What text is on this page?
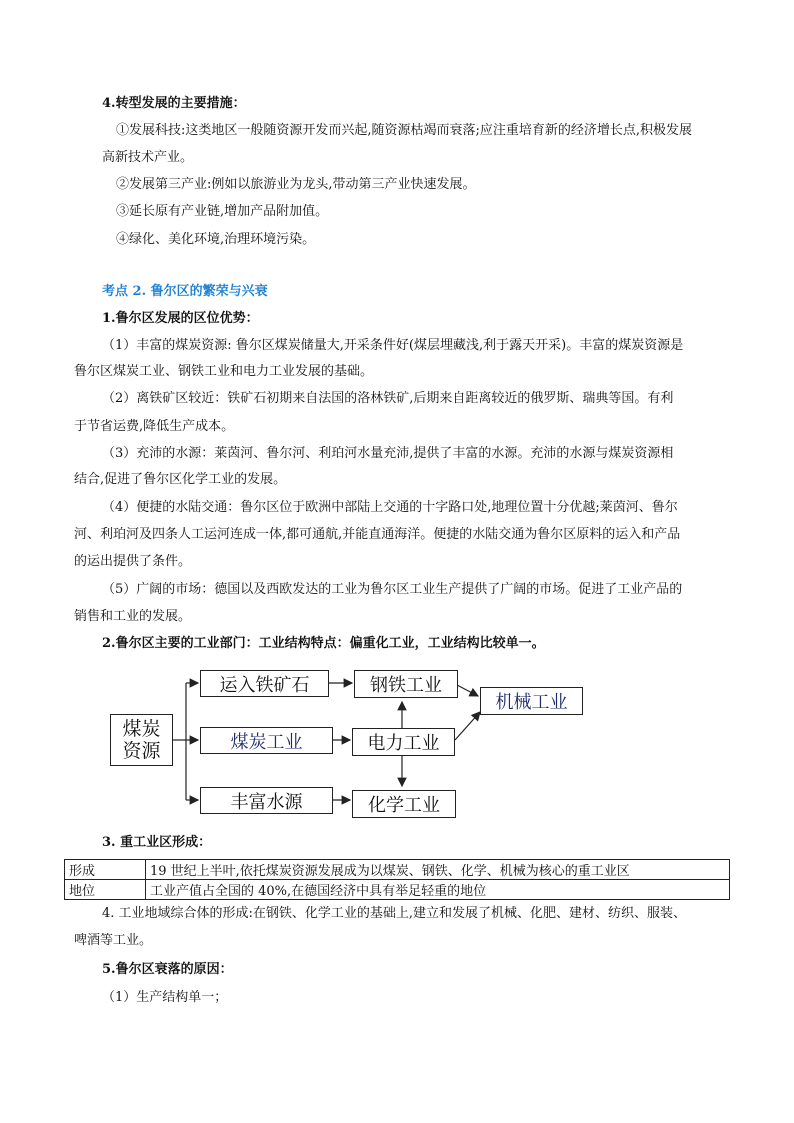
4.转型发展的主要措施：
①发展科技:这类地区一般随资源开发而兴起,随资源枯竭而衰落;应注重培育新的经济增长点,积极发展
高新技术产业。
②发展第三产业:例如以旅游业为龙头,带动第三产业快速发展。
③延长原有产业链,增加产品附加值。
④绿化、美化环境,治理环境污染。
考点 2. 鲁尔区的繁荣与兴衰
1.鲁尔区发展的区位优势：
（1）丰富的煤炭资源: 鲁尔区煤炭储量大,开采条件好(煤层埋藏浅,利于露天开采)。丰富的煤炭资源是
鲁尔区煤炭工业、钢铁工业和电力工业发展的基础。
（2）离铁矿区较近：铁矿石初期来自法国的洛林铁矿,后期来自距离较近的俄罗斯、瑞典等国。有利
于节省运费,降低生产成本。
（3）充沛的水源：莱茵河、鲁尔河、利珀河水量充沛,提供了丰富的水源。充沛的水源与煤炭资源相
结合,促进了鲁尔区化学工业的发展。
（4）便捷的水陆交通：鲁尔区位于欧洲中部陆上交通的十字路口处,地理位置十分优越;莱茵河、鲁尔
河、利珀河及四条人工运河连成一体,都可通航,并能直通海洋。便捷的水陆交通为鲁尔区原料的运入和产品
的运出提供了条件。
（5）广阔的市场：德国以及西欧发达的工业为鲁尔区工业生产提供了广阔的市场。促进了工业产品的
销售和工业的发展。
2.鲁尔区主要的工业部门：工业结构特点：偏重化工业，工业结构比较单一。
煤炭
资源
运入铁矿石
煤炭工业
丰富水源
钢铁工业
电力工业
化学工业
机械工业
3. 重工业区形成：
形成	19 世纪上半叶,依托煤炭资源发展成为以煤炭、钢铁、化学、机械为核心的重工业区
地位	工业产值占全国的 40%,在德国经济中具有举足轻重的地位
4. 工业地域综合体的形成:在钢铁、化学工业的基础上,建立和发展了机械、化肥、建材、纺织、服装、
啤酒等工业。
5.鲁尔区衰落的原因：
（1）生产结构单一；
